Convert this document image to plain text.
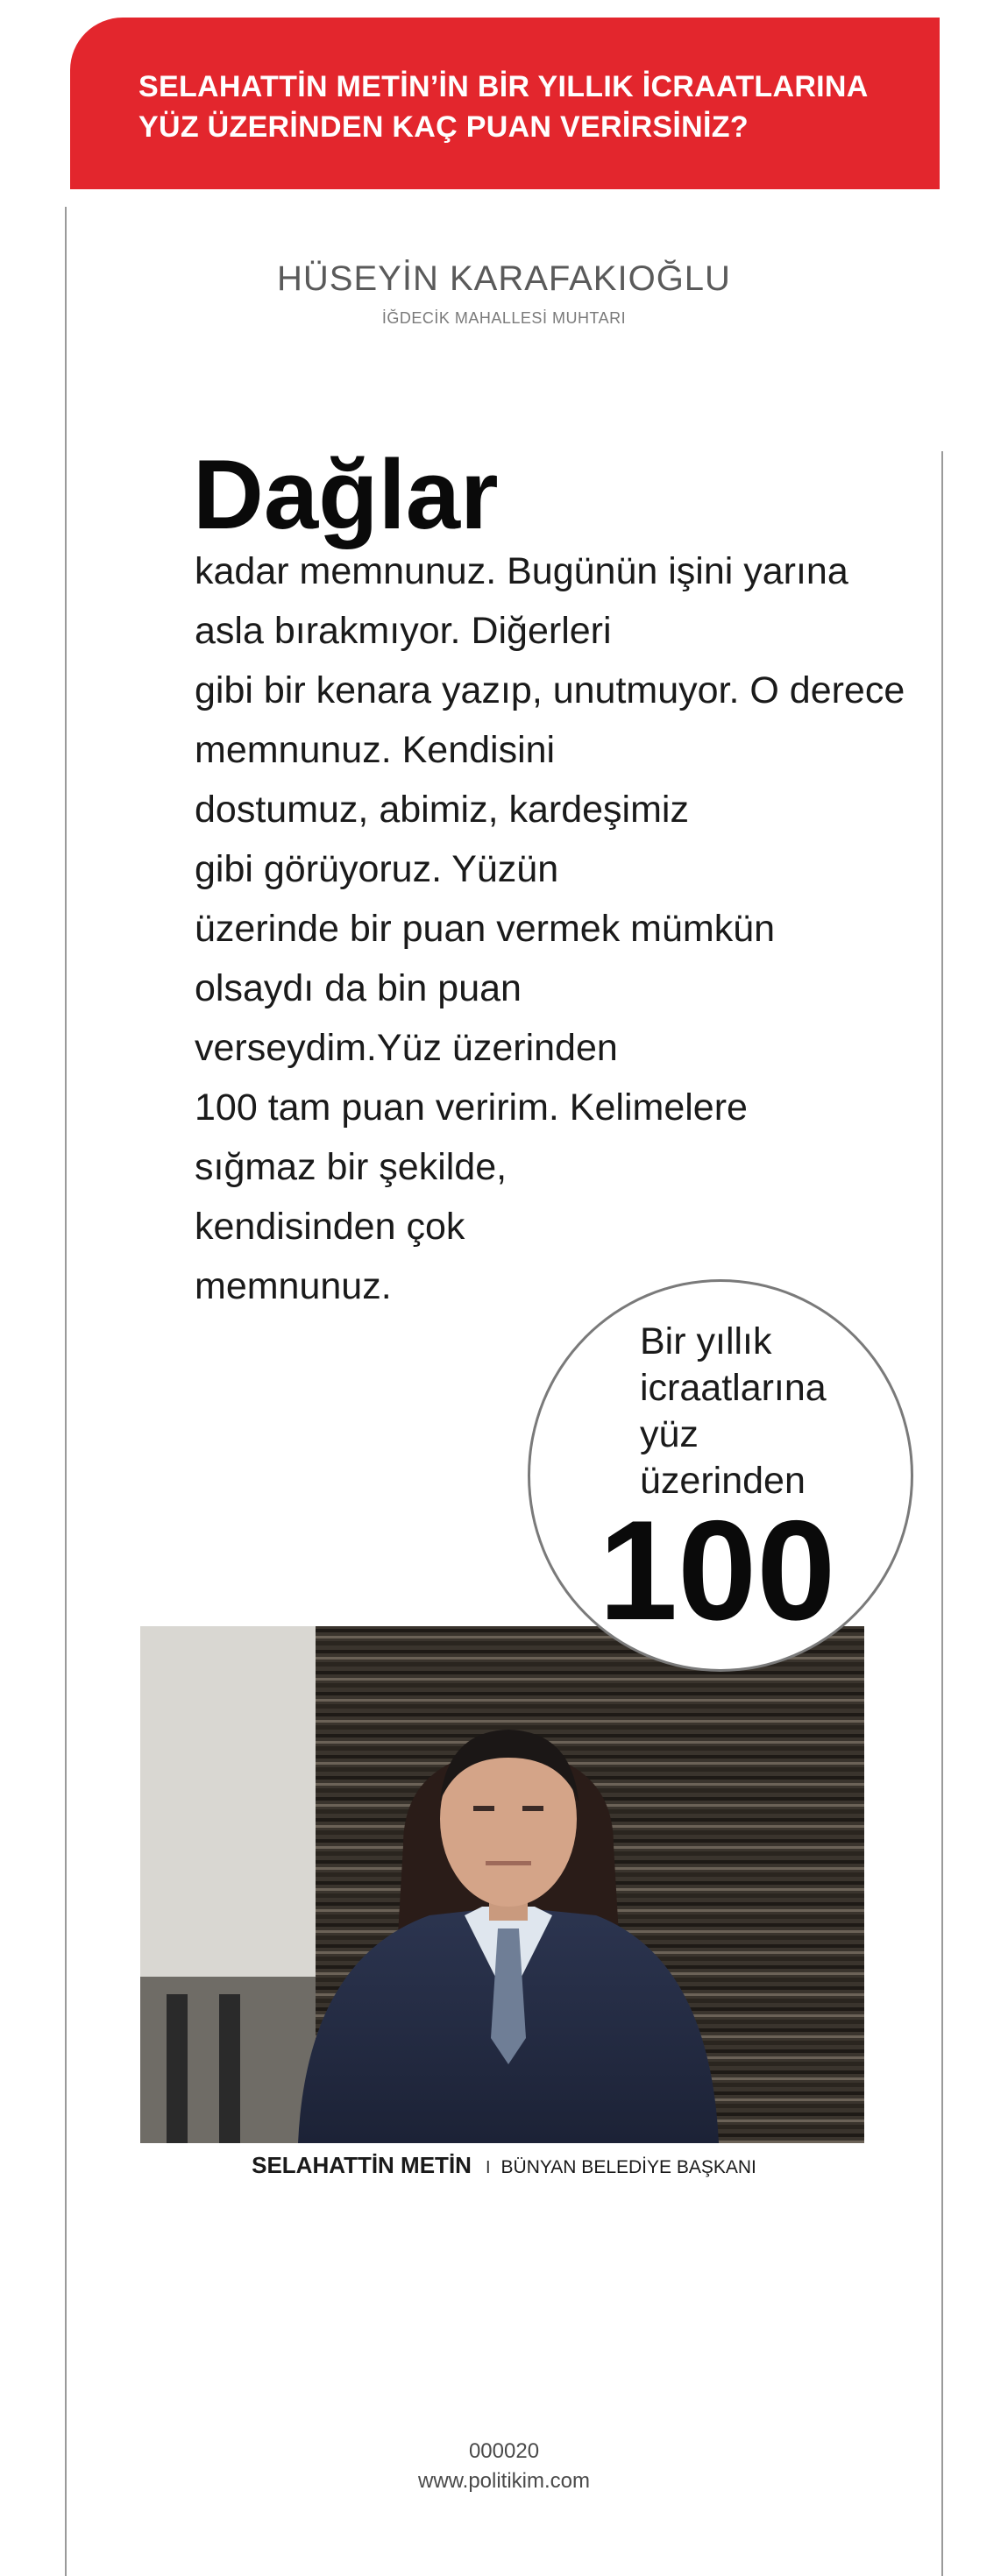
SELAHATTİN METİN’İN BİR YILLIK İCRAATLARINA
YÜZ ÜZERİNDEN KAÇ PUAN VERİRSİNİZ?
HÜSEYİN KARAFAKIOĞLU
İĞDECİK MAHALLESİ MUHTARI
Dağlar
kadar memnunuz. Bugünün işini yarına
asla bırakmıyor. Diğerleri
gibi bir kenara yazıp, unutmuyor. O derece
memnunuz. Kendisini
dostumuz, abimiz, kardeşimiz
gibi görüyoruz. Yüzün
üzerinde bir puan vermek mümkün
olsaydı da bin puan
verseydim.Yüz üzerinden
100 tam puan veririm. Kelimelere
sığmaz bir şekilde,
kendisinden çok
memnunuz.
Bir yıllık
icraatlarına
yüz
üzerinden
100
SELAHATTİN METİN I BÜNYAN BELEDİYE BAŞKANI
000020
www.politikim.com
